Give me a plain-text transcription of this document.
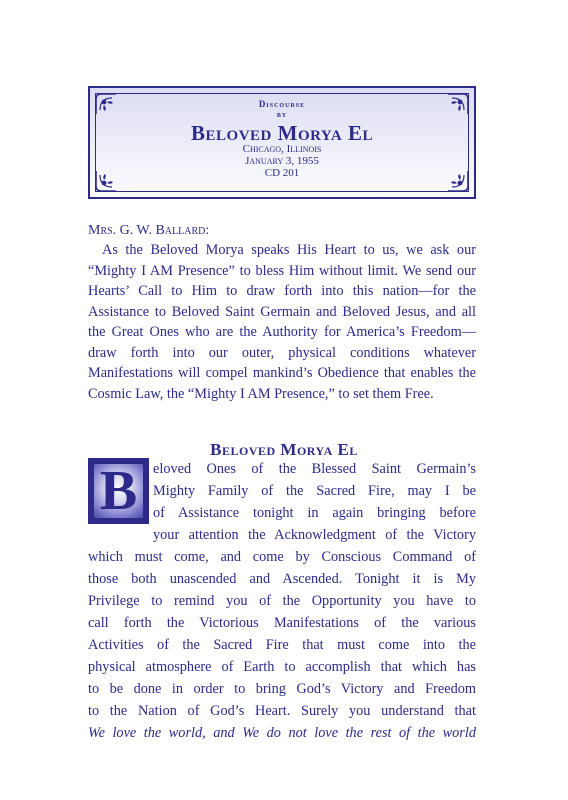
Discourse
by
Beloved Morya El
Chicago, Illinois
January 3, 1955
CD 201
Mrs. G. W. Ballard:

As the Beloved Morya speaks His Heart to us, we ask our “Mighty I AM Presence” to bless Him without limit. We send our Hearts’ Call to Him to draw forth into this nation—for the Assistance to Beloved Saint Germain and Beloved Jesus, and all the Great Ones who are the Authority for America’s Freedom— draw forth into our outer, physical conditions whatever Manifestations will compel mankind’s Obedience that enables the Cosmic Law, the “Mighty I AM Presence,” to set them Free.

Beloved Morya El
B eloved Ones of the Blessed Saint Germain’s
Mighty Family of the Sacred Fire, may I be
of Assistance tonight in again bringing before
your attention the Acknowledgment of the Victory
which must come, and come by Conscious Command of
those both unascended and Ascended. Tonight it is My
Privilege to remind you of the Opportunity you have to
call forth the Victorious Manifestations of the various
Activities of the Sacred Fire that must come into the
physical atmosphere of Earth to accomplish that which has
to be done in order to bring God’s Victory and Freedom
to the Nation of God’s Heart. Surely you understand that
We love the world, and We do not love the rest of the world
